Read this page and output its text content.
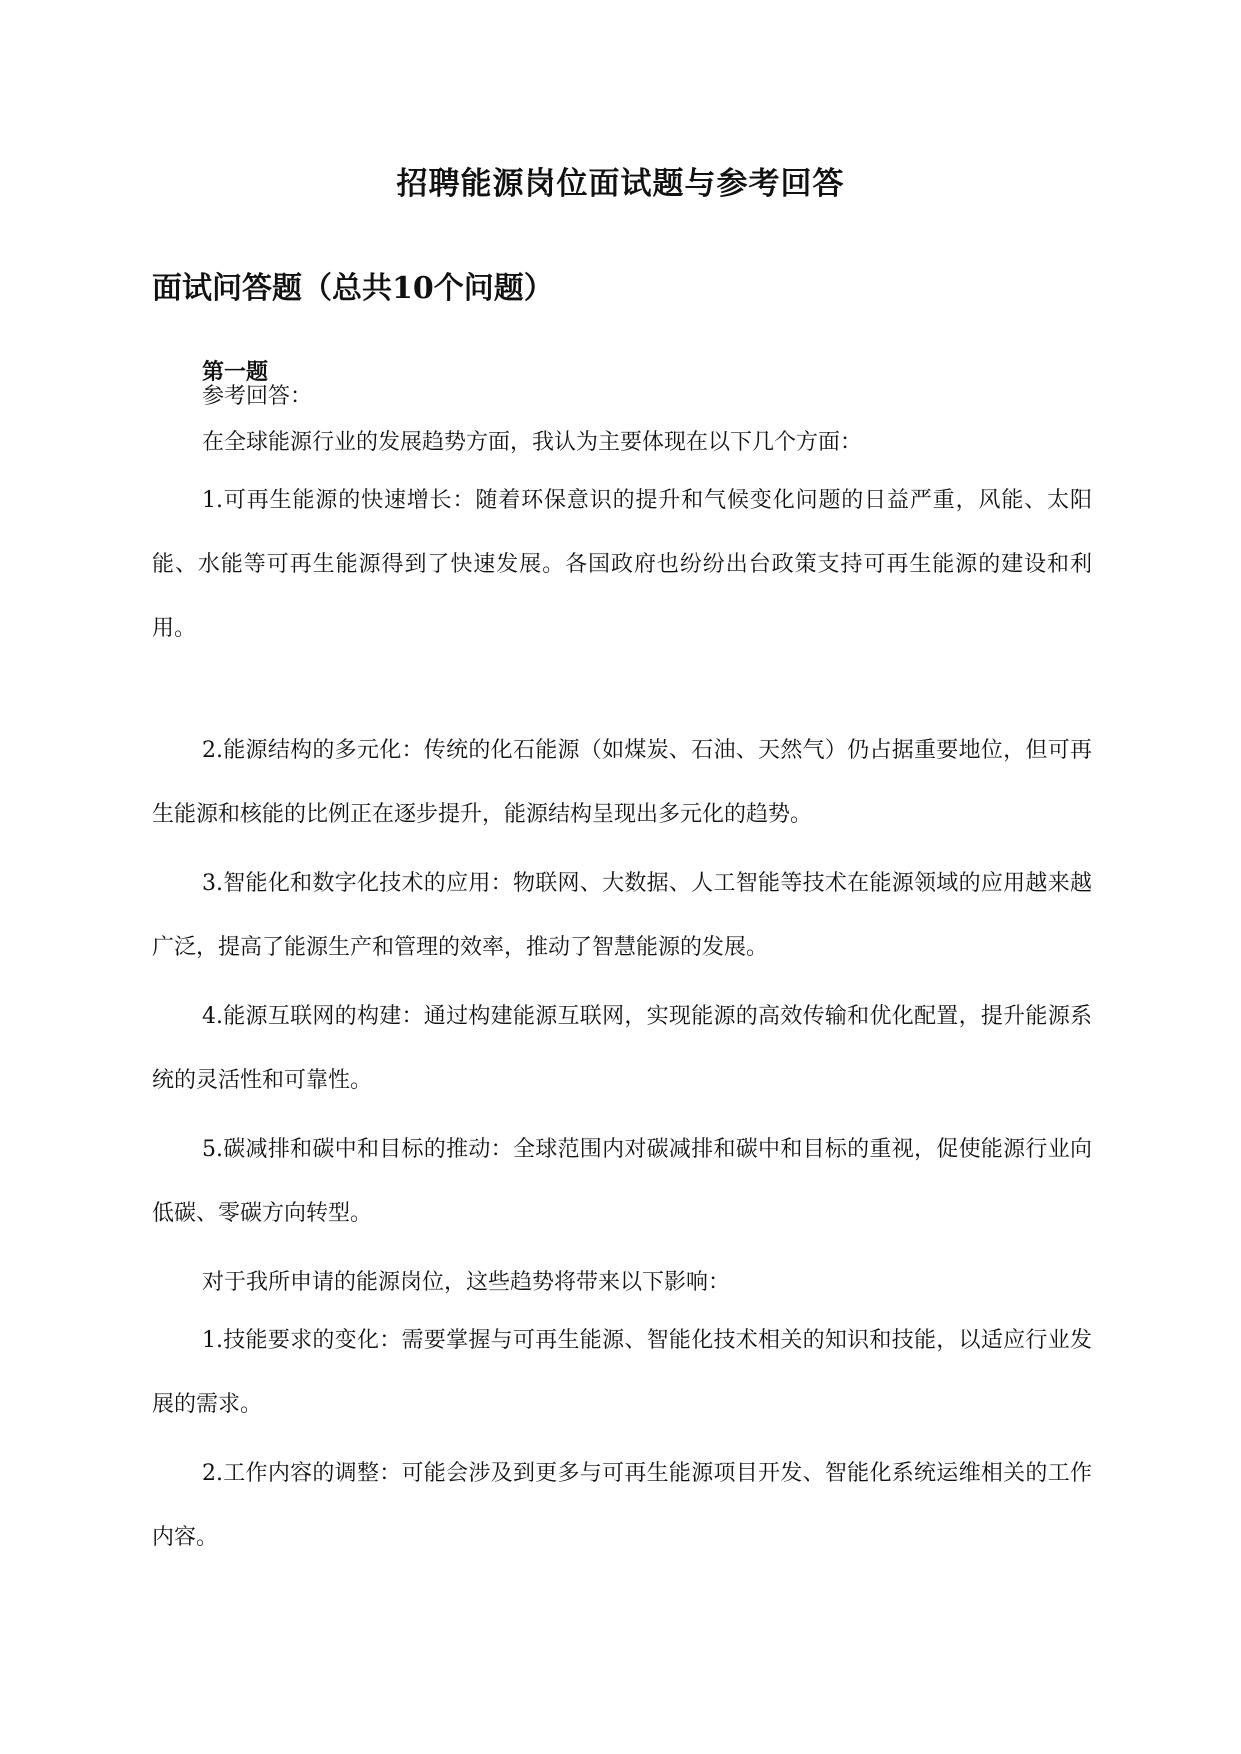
招聘能源岗位面试题与参考回答
面试问答题（总共10个问题）
第一题

参考回答：

在全球能源行业的发展趋势方面，我认为主要体现在以下几个方面：

1.可再生能源的快速增长：随着环保意识的提升和气候变化问题的日益严重，风能、太阳能、水能等可再生能源得到了快速发展。各国政府也纷纷出台政策支持可再生能源的建设和利用。

2.能源结构的多元化：传统的化石能源（如煤炭、石油、天然气）仍占据重要地位，但可再生能源和核能的比例正在逐步提升，能源结构呈现出多元化的趋势。

3.智能化和数字化技术的应用：物联网、大数据、人工智能等技术在能源领域的应用越来越广泛，提高了能源生产和管理的效率，推动了智慧能源的发展。

4.能源互联网的构建：通过构建能源互联网，实现能源的高效传输和优化配置，提升能源系统的灵活性和可靠性。

5.碳减排和碳中和目标的推动：全球范围内对碳减排和碳中和目标的重视，促使能源行业向低碳、零碳方向转型。

对于我所申请的能源岗位，这些趋势将带来以下影响：

1.技能要求的变化：需要掌握与可再生能源、智能化技术相关的知识和技能，以适应行业发展的需求。

2.工作内容的调整：可能会涉及到更多与可再生能源项目开发、智能化系统运维相关的工作内容。
